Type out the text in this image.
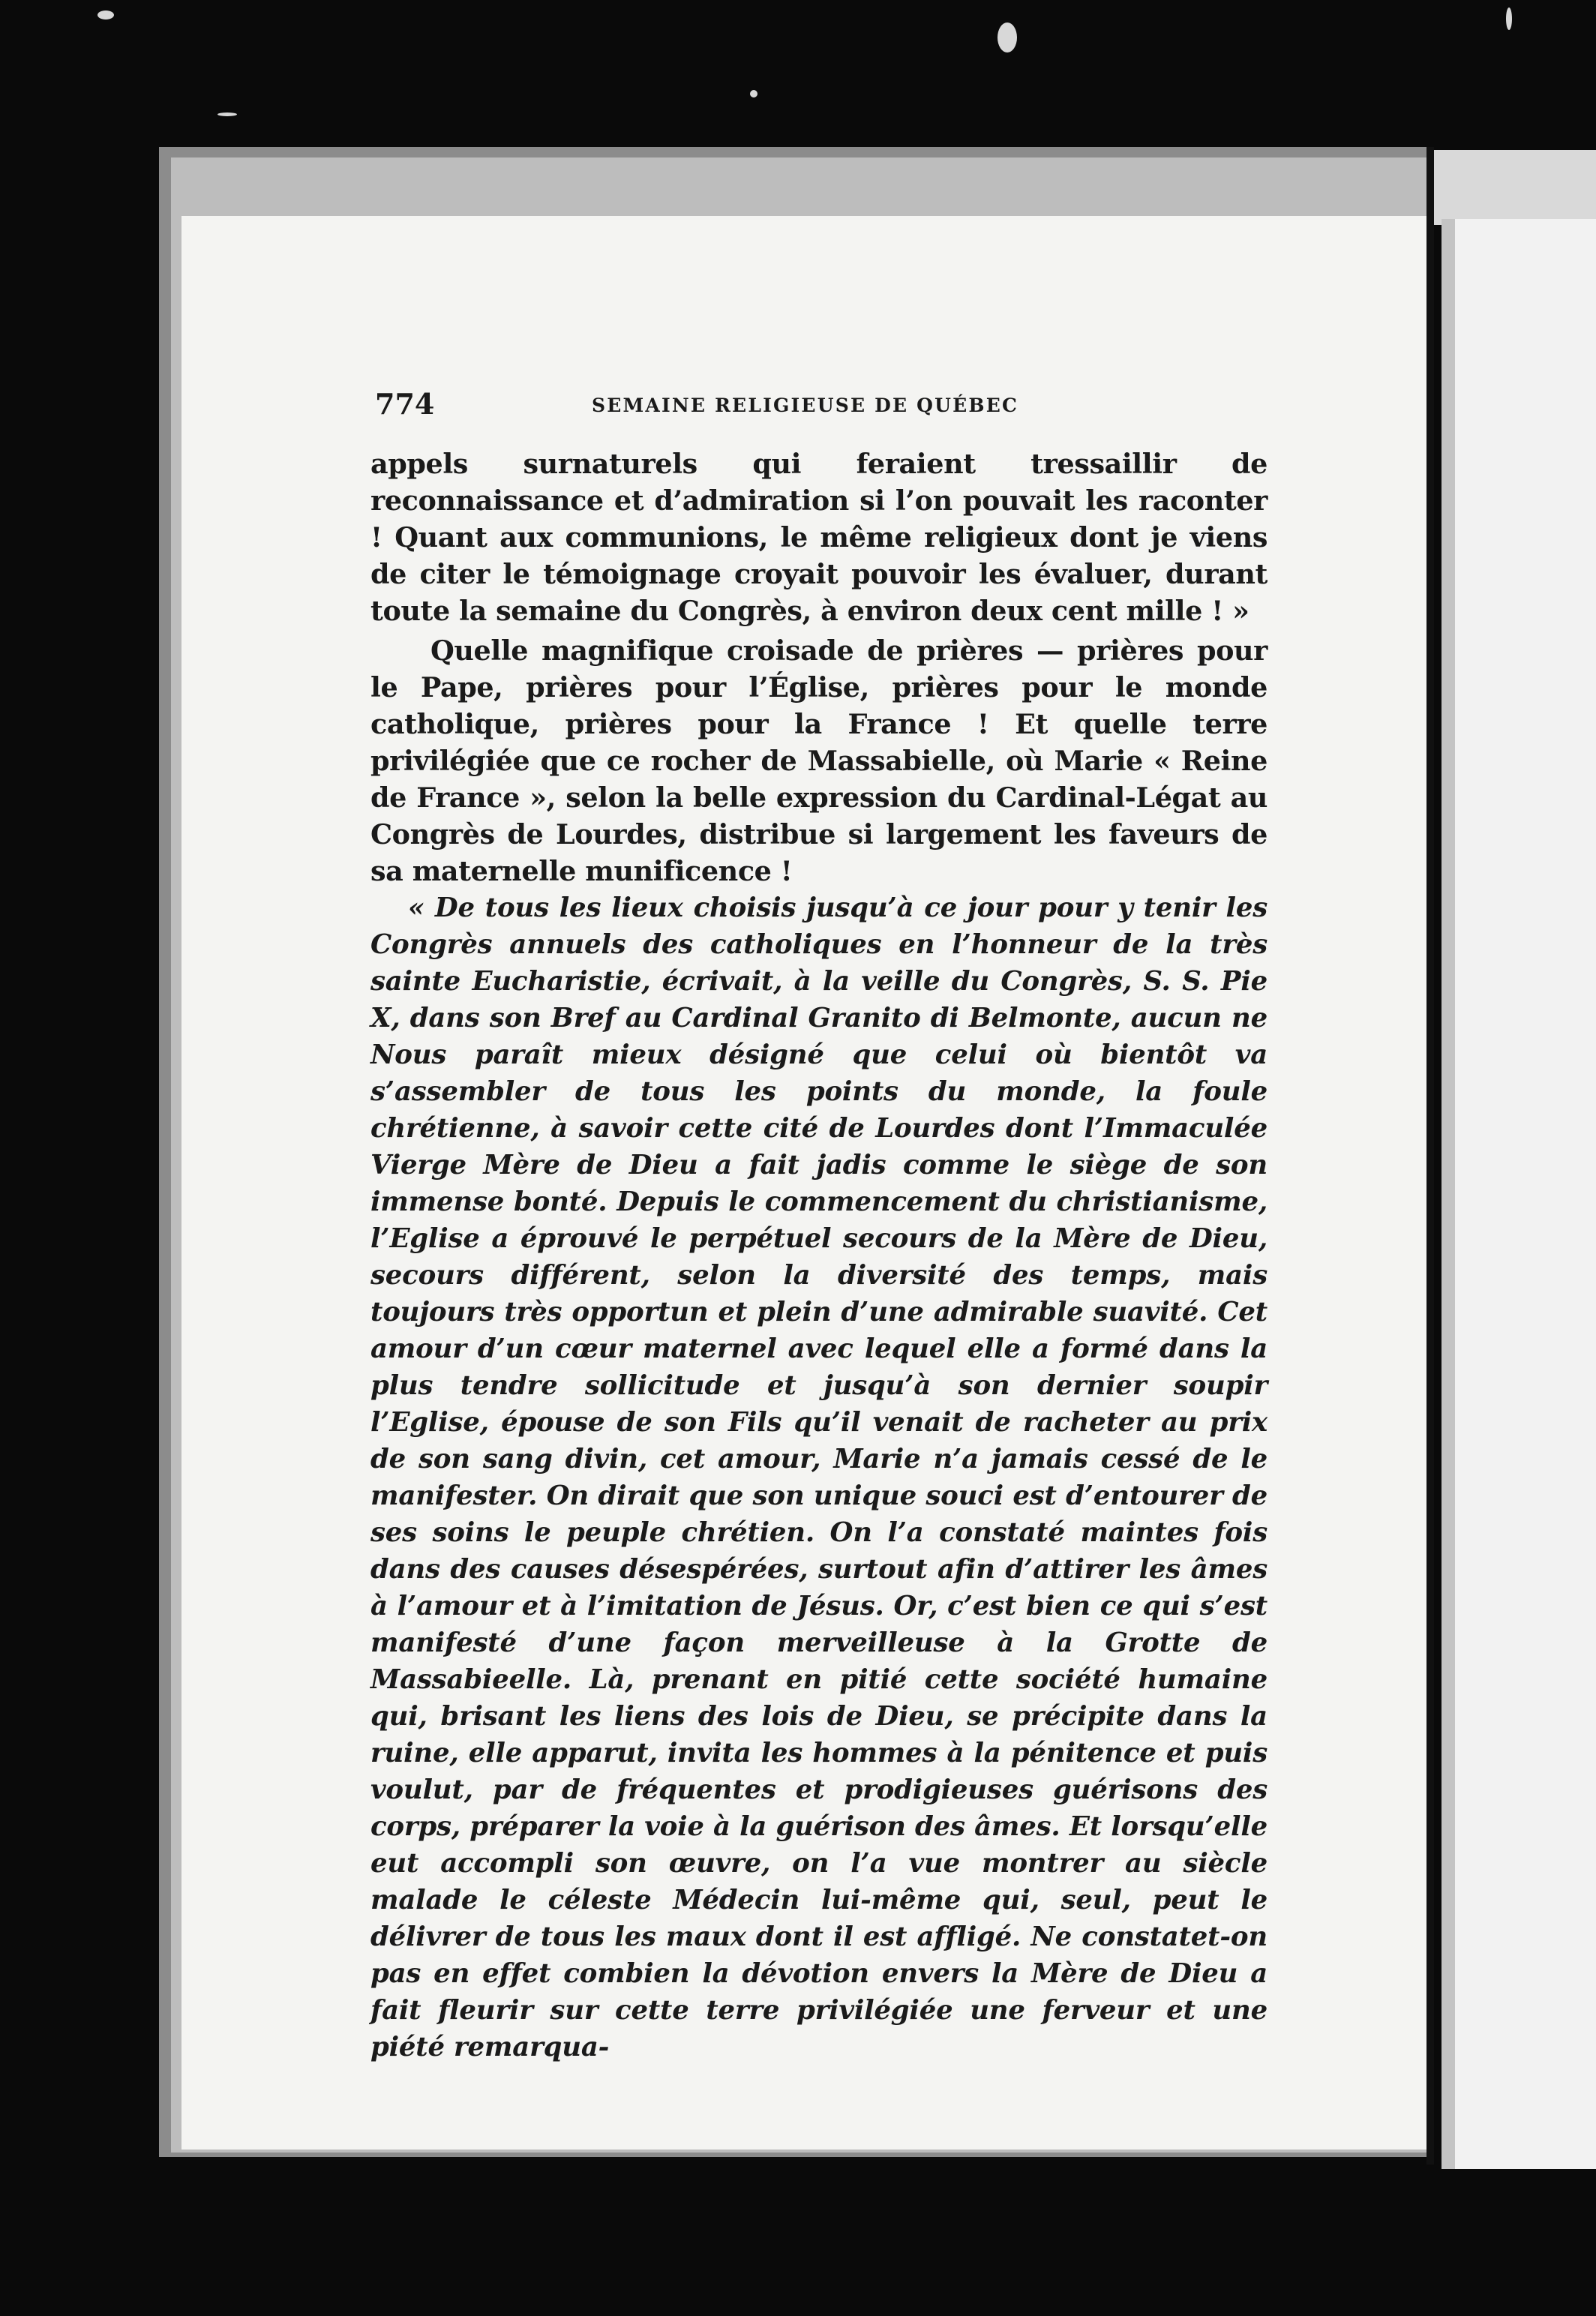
774	SEMAINE RELIGIEUSE DE QUÉBEC

appels surnaturels qui feraient tressaillir de reconnaissance et d’admiration si l’on pouvait les raconter ! Quant aux communions, le même religieux dont je viens de citer le témoignage croyait pouvoir les évaluer, durant toute la semaine du Congrès, à environ deux cent mille ! »

Quelle magnifique croisade de prières — prières pour le Pape, prières pour l’Église, prières pour le monde catholique, prières pour la France ! Et quelle terre privilégiée que ce rocher de Massabielle, où Marie « Reine de France », selon la belle expression du Cardinal-Légat au Congrès de Lourdes, distribue si largement les faveurs de sa maternelle munificence !

« De tous les lieux choisis jusqu’à ce jour pour y tenir les Congrès annuels des catholiques en l’honneur de la très sainte Eucharistie, écrivait, à la veille du Congrès, S. S. Pie X, dans son Bref au Cardinal Granito di Belmonte, aucun ne Nous paraît mieux désigné que celui où bientôt va s’assembler de tous les points du monde, la foule chrétienne, à savoir cette cité de Lourdes dont l’Immaculée Vierge Mère de Dieu a fait jadis comme le siège de son immense bonté. Depuis le commencement du christianisme, l’Eglise a éprouvé le perpétuel secours de la Mère de Dieu, secours différent, selon la diversité des temps, mais toujours très opportun et plein d’une admirable suavité. Cet amour d’un cœur maternel avec lequel elle a formé dans la plus tendre sollicitude et jusqu’à son dernier soupir l’Eglise, épouse de son Fils qu’il venait de racheter au prix de son sang divin, cet amour, Marie n’a jamais cessé de le manifester. On dirait que son unique souci est d’entourer de ses soins le peuple chrétien. On l’a constaté maintes fois dans des causes désespérées, surtout afin d’attirer les âmes à l’amour et à l’imitation de Jésus. Or, c’est bien ce qui s’est manifesté d’une façon merveilleuse à la Grotte de Massabieelle. Là, prenant en pitié cette société humaine qui, brisant les liens des lois de Dieu, se précipite dans la ruine, elle apparut, invita les hommes à la pénitence et puis voulut, par de fréquentes et prodigieuses guérisons des corps, préparer la voie à la guérison des âmes. Et lorsqu’elle eut accompli son œuvre, on l’a vue montrer au siècle malade le céleste Médecin lui-même qui, seul, peut le délivrer de tous les maux dont il est affligé. Ne constatet-on pas en effet combien la dévotion envers la Mère de Dieu a fait fleurir sur cette terre privilégiée une ferveur et une piété remarqua-
